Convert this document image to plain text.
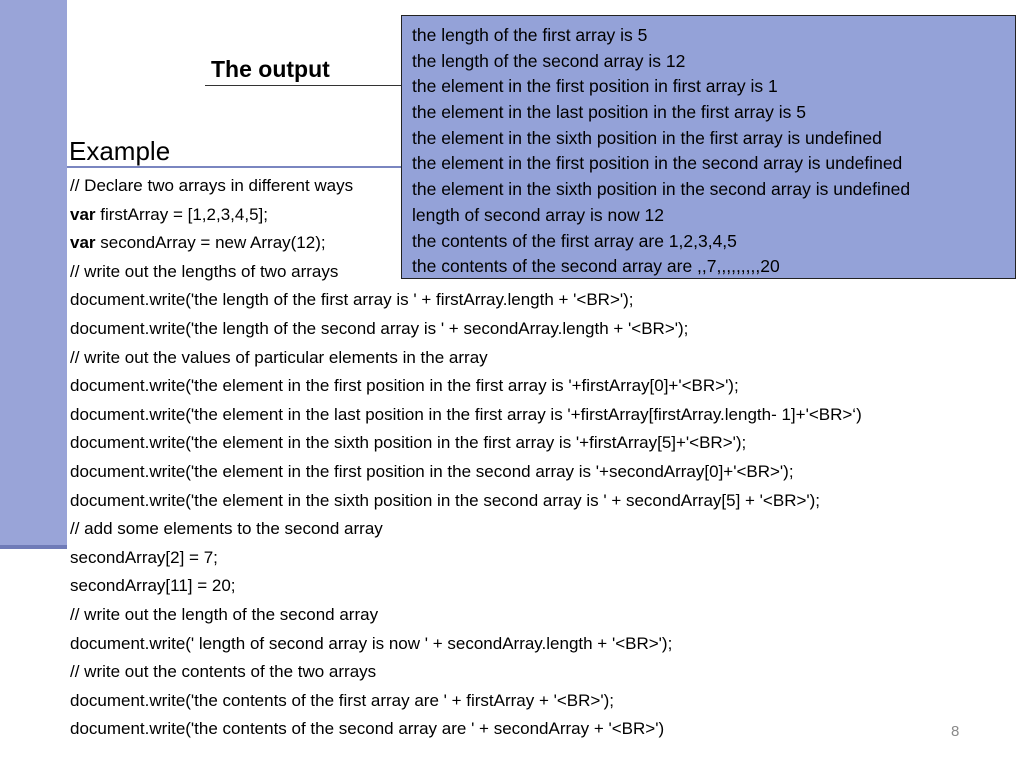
The output
Example
// Declare two arrays in different ways
var firstArray = [1,2,3,4,5];
var secondArray = new Array(12);
// write out the lengths of two arrays
document.write('the length of the first array is ' + firstArray.length + '<BR>');
document.write('the length of the second array is ' + secondArray.length + '<BR>');
// write out the values of particular elements in the array
document.write('the element in the first position in the first array is '+firstArray[0]+'<BR>');
document.write('the element in the last position in the first array is '+firstArray[firstArray.length- 1]+'<BR>‘)
document.write('the element in the sixth position in the first array is '+firstArray[5]+'<BR>');
document.write('the element in the first position in the second array is '+secondArray[0]+'<BR>');
document.write('the element in the sixth position in the second array is ' + secondArray[5] + '<BR>');
// add some elements to the second array
secondArray[2] = 7;
secondArray[11] = 20;
// write out the length of the second array
document.write(' length of second array is now ' + secondArray.length + '<BR>');
// write out the contents of the two arrays
document.write('the contents of the first array are ' + firstArray + '<BR>');
document.write('the contents of the second array are ' + secondArray + '<BR>')
the length of the first array is 5
the length of the second array is 12
the element in the first position in first array is 1
the element in the last position in the first array is 5
the element in the sixth position in the first array is undefined
the element in the first position in the second array is undefined
the element in the sixth position in the second array is undefined
length of second array is now 12
the contents of the first array are 1,2,3,4,5
the contents of the second array are ,,7,,,,,,,,,20
8
